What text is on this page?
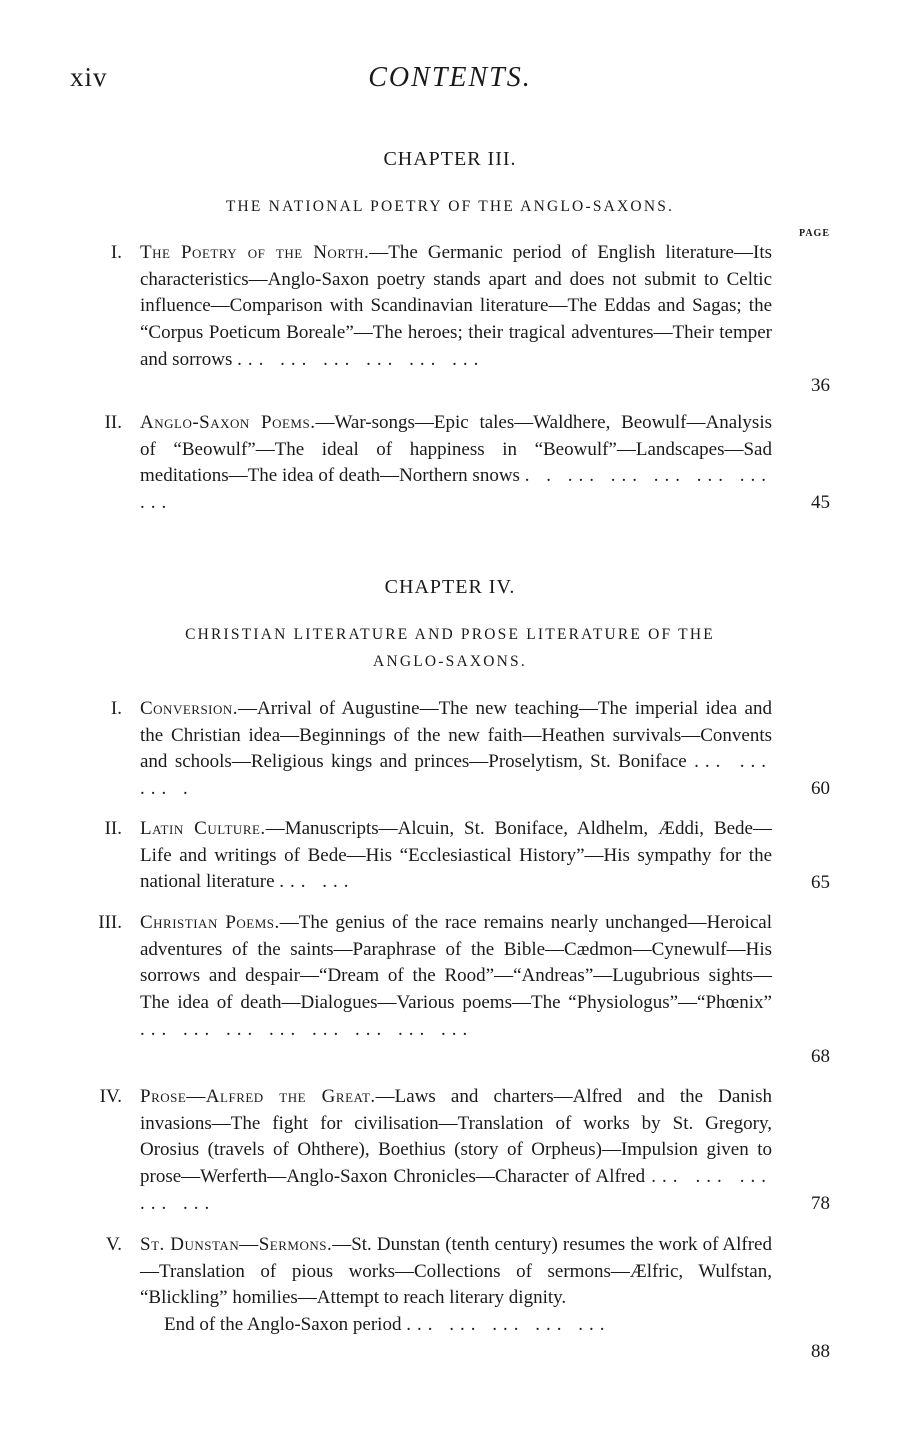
xiv	CONTENTS.

CHAPTER III.

THE NATIONAL POETRY OF THE ANGLO-SAXONS.

PAGE
I. The Poetry of the North.—The Germanic period of English literature—Its characteristics—Anglo-Saxon poetry stands apart and does not submit to Celtic influence—Comparison with Scandinavian literature—The Eddas and Sagas; the “Corpus Poeticum Boreale”—The heroes; their tragical adventures—Their temper and sorrows ... ... ... ... ... ...
36
II. Anglo-Saxon Poems.—War-songs—Epic tales—Waldhere, Beowulf—Analysis of “Beowulf”—The ideal of happiness in “Beowulf”—Landscapes—Sad meditations—The idea of death—Northern snows . . ... ... ... ... ... ...	45

CHAPTER IV.

CHRISTIAN LITERATURE AND PROSE LITERATURE OF THE

ANGLO-SAXONS.

I. Conversion.—Arrival of Augustine—The new teaching—The imperial idea and the Christian idea—Beginnings of the new faith—Heathen survivals—Convents and schools—Religious kings and princes—Proselytism, St. Boniface ... ... ... .	60
II. Latin Culture.—Manuscripts—Alcuin, St. Boniface, Aldhelm, Æddi, Bede—Life and writings of Bede—His “Ecclesiastical History”—His sympathy for the national literature ... ...	65
III. Christian Poems.—The genius of the race remains nearly unchanged—Heroical adventures of the saints—Paraphrase of the Bible—Cædmon—Cynewulf—His sorrows and despair—“Dream of the Rood”—“Andreas”—Lugubrious sights—The idea of death—Dialogues—Various poems—The “Physiologus”—“Phœnix” ... ... ... ... ... ... ... ...
68
IV. Prose—Alfred the Great.—Laws and charters—Alfred and the Danish invasions—The fight for civilisation—Translation of works by St. Gregory, Orosius (travels of Ohthere), Boethius (story of Orpheus)—Impulsion given to prose—Werferth—Anglo-Saxon Chronicles—Character of Alfred ... ... ... ... ...	78
V. St. Dunstan—Sermons.—St. Dunstan (tenth century) resumes the work of Alfred—Translation of pious works—Collections of sermons—Ælfric, Wulfstan, “Blickling” homilies—Attempt to reach literary dignity.
End of the Anglo-Saxon period ... ... ... ... ...
88
